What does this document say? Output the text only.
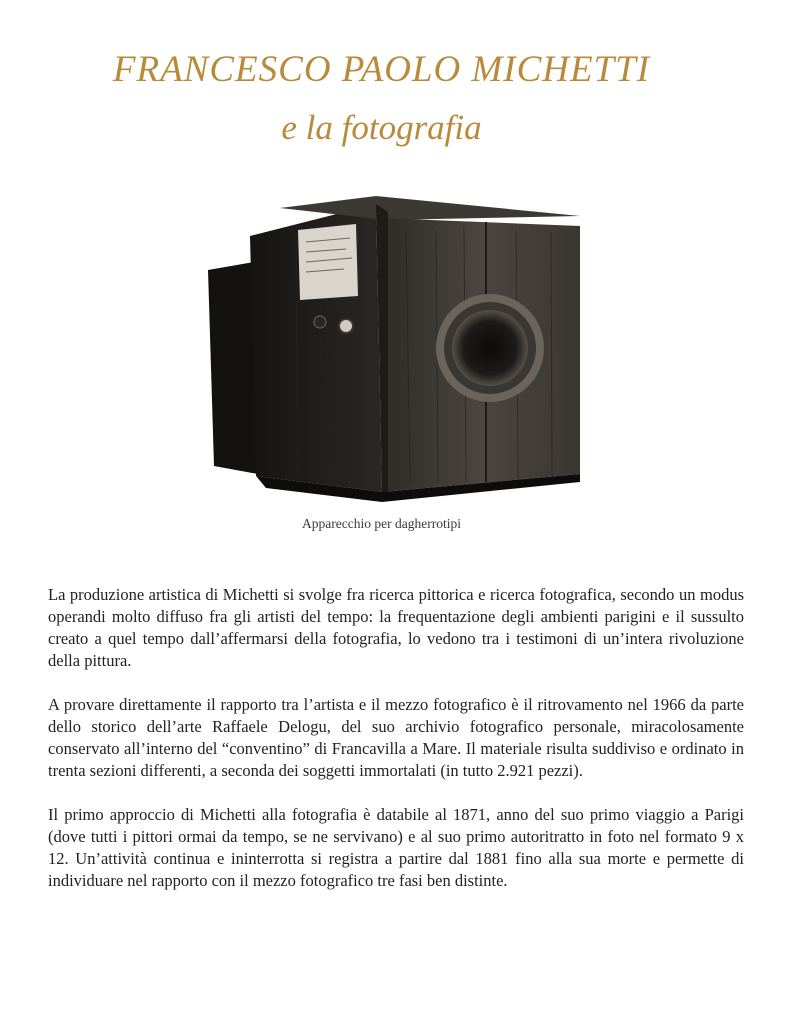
FRANCESCO PAOLO MICHETTI
e la fotografia
Apparecchio per dagherrotipi

La produzione artistica di Michetti si svolge fra ricerca pittorica e ricerca fotografica, secondo un modus operandi molto diffuso fra gli artisti del tempo: la frequentazione degli ambienti parigini e il sussulto creato a quel tempo dall’affermarsi della fotografia, lo vedono tra i testimoni di un’intera rivoluzione della pittura.

A provare direttamente il rapporto tra l’artista e il mezzo fotografico è il ritrovamento nel 1966 da parte dello storico dell’arte Raffaele Delogu, del suo archivio fotografico personale, miracolosamente conservato all’interno del “conventino” di Francavilla a Mare. Il materiale risulta suddiviso e ordinato in trenta sezioni differenti, a seconda dei soggetti immortalati (in tutto 2.921 pezzi).

Il primo approccio di Michetti alla fotografia è databile al 1871, anno del suo primo viaggio a Parigi (dove tutti i pittori ormai da tempo, se ne servivano) e al suo primo autoritratto in foto nel formato 9 x 12. Un’attività continua e ininterrotta si registra a partire dal 1881 fino alla sua morte e permette di individuare nel rapporto con il mezzo fotografico tre fasi ben distinte.
